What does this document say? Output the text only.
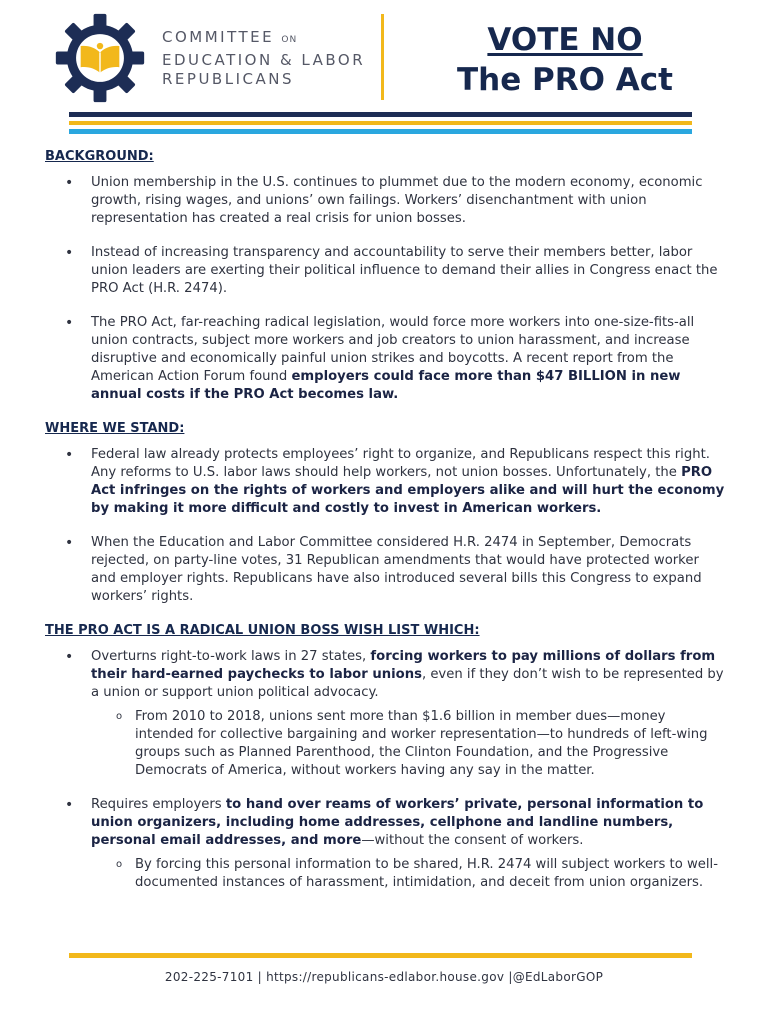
COMMITTEE ON
EDUCATION & LABOR
REPUBLICANS
VOTE NO
The PRO Act
BACKGROUND:
• Union membership in the U.S. continues to plummet due to the modern economy, economic growth, rising wages, and unions’ own failings. Workers’ disenchantment with union representation has created a real crisis for union bosses.
• Instead of increasing transparency and accountability to serve their members better, labor union leaders are exerting their political influence to demand their allies in Congress enact the PRO Act (H.R. 2474).
• The PRO Act, far-reaching radical legislation, would force more workers into one-size-fits-all union contracts, subject more workers and job creators to union harassment, and increase disruptive and economically painful union strikes and boycotts. A recent report from the American Action Forum found employers could face more than $47 BILLION in new annual costs if the PRO Act becomes law.
WHERE WE STAND:
• Federal law already protects employees’ right to organize, and Republicans respect this right. Any reforms to U.S. labor laws should help workers, not union bosses. Unfortunately, the PRO Act infringes on the rights of workers and employers alike and will hurt the economy by making it more difficult and costly to invest in American workers.
• When the Education and Labor Committee considered H.R. 2474 in September, Democrats rejected, on party-line votes, 31 Republican amendments that would have protected worker and employer rights. Republicans have also introduced several bills this Congress to expand workers’ rights.
THE PRO ACT IS A RADICAL UNION BOSS WISH LIST WHICH:
• Overturns right-to-work laws in 27 states, forcing workers to pay millions of dollars from their hard-earned paychecks to labor unions, even if they don’t wish to be represented by a union or support union political advocacy.
o From 2010 to 2018, unions sent more than $1.6 billion in member dues—money intended for collective bargaining and worker representation—to hundreds of left-wing groups such as Planned Parenthood, the Clinton Foundation, and the Progressive Democrats of America, without workers having any say in the matter.
• Requires employers to hand over reams of workers’ private, personal information to union organizers, including home addresses, cellphone and landline numbers, personal email addresses, and more—without the consent of workers.
o By forcing this personal information to be shared, H.R. 2474 will subject workers to well-documented instances of harassment, intimidation, and deceit from union organizers.
202-225-7101 | https://republicans-edlabor.house.gov |@EdLaborGOP
